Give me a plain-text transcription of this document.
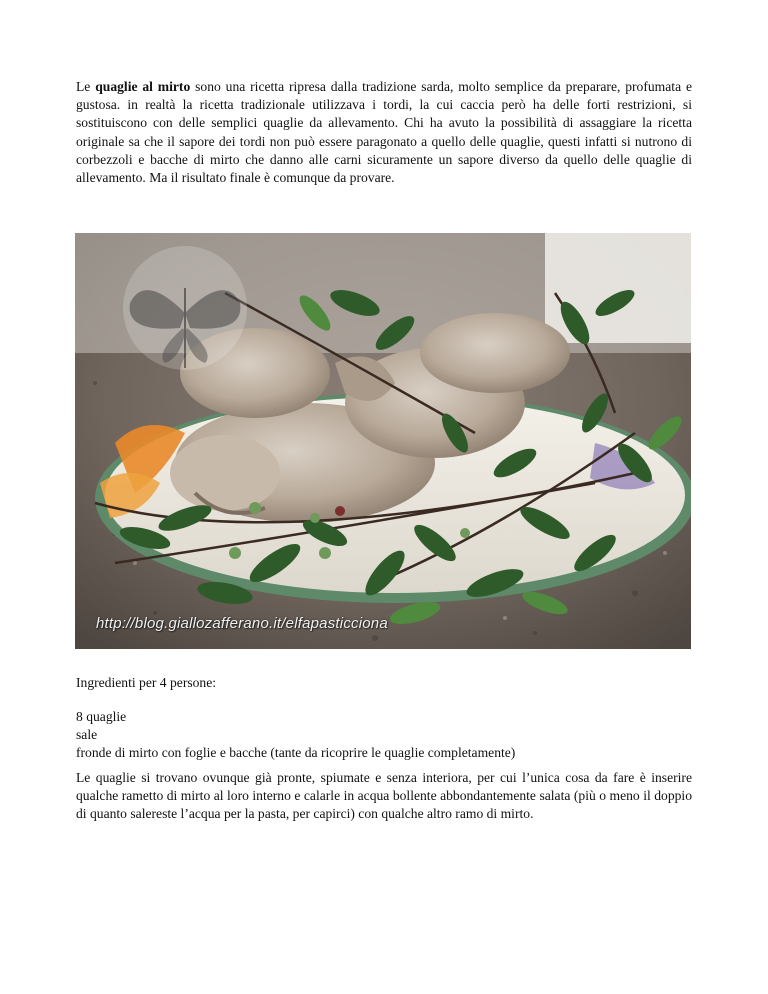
Le quaglie al mirto sono una ricetta ripresa dalla tradizione sarda, molto semplice da preparare, profumata e gustosa. in realtà la ricetta tradizionale utilizzava i tordi, la cui caccia però ha delle forti restrizioni, si sostituiscono con delle semplici quaglie da allevamento. Chi ha avuto la possibilità di assaggiare la ricetta originale sa che il sapore dei tordi non può essere paragonato a quello delle quaglie, questi infatti si nutrono di corbezzoli e bacche di mirto che danno alle carni sicuramente un sapore diverso da quello delle quaglie di allevamento. Ma il risultato finale è comunque da provare.

http://blog.giallozafferano.it/elfapasticciona

Ingredienti per 4 persone:

8 quaglie
sale
fronde di mirto con foglie e bacche (tante da ricoprire le quaglie completamente)

Le quaglie si trovano ovunque già pronte, spiumate e senza interiora, per cui l’unica cosa da fare è inserire qualche rametto di mirto al loro interno e calarle in acqua bollente abbondantemente salata (più o meno il doppio di quanto salereste l’acqua per la pasta, per capirci) con qualche altro ramo di mirto.
